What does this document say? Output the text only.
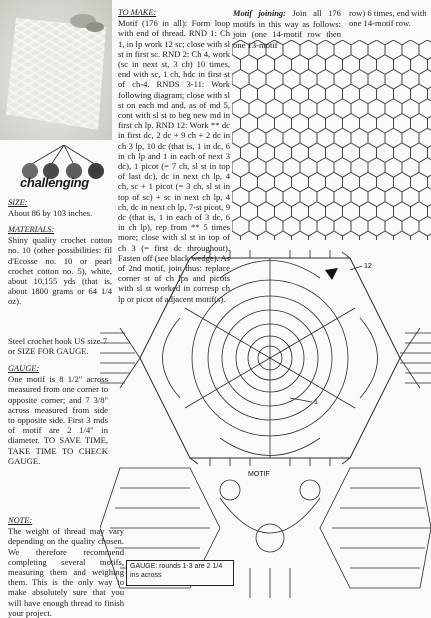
challenging
SIZE:
About 86 by 103 inches.
MATERIALS:
Shiny quality crochet cotton no. 10 (other possibilities: fil d'Ecosse no. 10 or pearl crochet cotton no. 5), white, about 10,155 yds (that is, about 1800 grams or 64 1/4 oz).
Steel crochet hook US size 7 or SIZE FOR GAUGE.
GAUGE:
One motif is 8 1/2" across measured from one corner to opposite corner; and 7 3/8" across measured from side to opposite side. First 3 rnds of motif are 2 1/4" in diameter. TO SAVE TIME, TAKE TIME TO CHECK GAUGE.
NOTE:
The weight of thread may vary depending on the quality chosen. We therefore recommend completing several motifs, measuring them and weighing them. This is the only way to make absolutely sure that you will have enough thread to finish your project.
TO MAKE:

Motif (176 in all): Form loop with end of thread. RND 1: Ch 1, in lp work 12 sc; close with sl st in first sc. RND 2: Ch 4, work (sc in next st, 3 ch) 10 times, end with sc, 1 ch, hdc in first st of ch-4. RNDS 3-11: Work following diagram; close with sl st on each md and, as of md 5, cont with sl st to beg new md in first ch lp. RND 12: Work ** dc in first dc, 2 dc + 9 ch + 2 dc in ch 3 lp, 10 dc (that is, 1 in dc, 6 in ch lp and 1 in each of next 3 dc), 1 picot (= 7 ch, sl st in top of last dc), dc in next ch lp, 4 ch, sc + 1 picot (= 3 ch, sl st in top of sc) + sc in next ch lp, 4 ch, dc in next ch lp, 7-st picot, 9 dc (that is, 1 in each of 3 dc, 6 in ch lp), rep from ** 5 times more; close with sl st in top of ch 3 (= first dc throughout). Fasten off (see black wedge). As of 2nd motif, join thus: replace corner st of ch lps and picots with sl st worked in corresp ch lp or picot of adjacent motif(s).

Motif joining: Join all 176 motifs in this way as follows: join (one 14-motif row then
row) 6 times, end with one 14-motif row.
12
1
MOTIF
GAUGE: rounds 1-3 are 2 1/4 ins across
